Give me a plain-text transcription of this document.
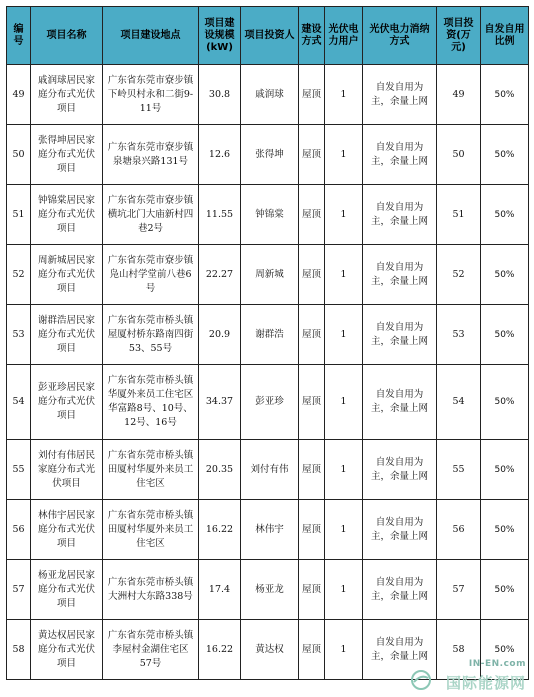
编号	项目名称	项目建设地点	项目建设规模(kW)	项目投资人	建设方式	光伏电力用户	光伏电力消纳方式	项目投资(万元)	自发自用比例
49	戚润球居民家庭分布式光伏项目	广东省东莞市寮步镇下岭贝村永和二街9-11号	30.8	戚润球	屋顶	1	自发自用为主，余量上网	49	50%
50	张得坤居民家庭分布式光伏项目	广东省东莞市寮步镇泉塘泉兴路131号	12.6	张得坤	屋顶	1	自发自用为主，余量上网	50	50%
51	钟锦棠居民家庭分布式光伏项目	广东省东莞市寮步镇横坑北门大庙新村四巷2号	11.55	钟锦棠	屋顶	1	自发自用为主，余量上网	51	50%
52	周新城居民家庭分布式光伏项目	广东省东莞市寮步镇凫山村学堂前八巷6号	22.27	周新城	屋顶	1	自发自用为主，余量上网	52	50%
53	谢群浩居民家庭分布式光伏项目	广东省东莞市桥头镇屋厦村桥东路南四街53、55号	20.9	谢群浩	屋顶	1	自发自用为主，余量上网	53	50%
54	彭亚珍居民家庭分布式光伏项目	广东省东莞市桥头镇华厦外来员工住宅区华富路8号、10号、12号、16号	34.37	彭亚珍	屋顶	1	自发自用为主，余量上网	54	50%
55	刘付有伟居民家庭分布式光伏项目	广东省东莞市桥头镇田厦村华厦外来员工住宅区	20.35	刘付有伟	屋顶	1	自发自用为主，余量上网	55	50%
56	林伟宇居民家庭分布式光伏项目	广东省东莞市桥头镇田厦村华厦外来员工住宅区	16.22	林伟宇	屋顶	1	自发自用为主，余量上网	56	50%
57	杨亚龙居民家庭分布式光伏项目	广东省东莞市桥头镇大洲村大东路338号	17.4	杨亚龙	屋顶	1	自发自用为主，余量上网	57	50%
58	黄达权居民家庭分布式光伏项目	广东省东莞市桥头镇李屋村金湖住宅区57号	16.22	黄达权	屋顶	1	自发自用为主，余量上网	58	50%
IN-EN.com
国际能源网
